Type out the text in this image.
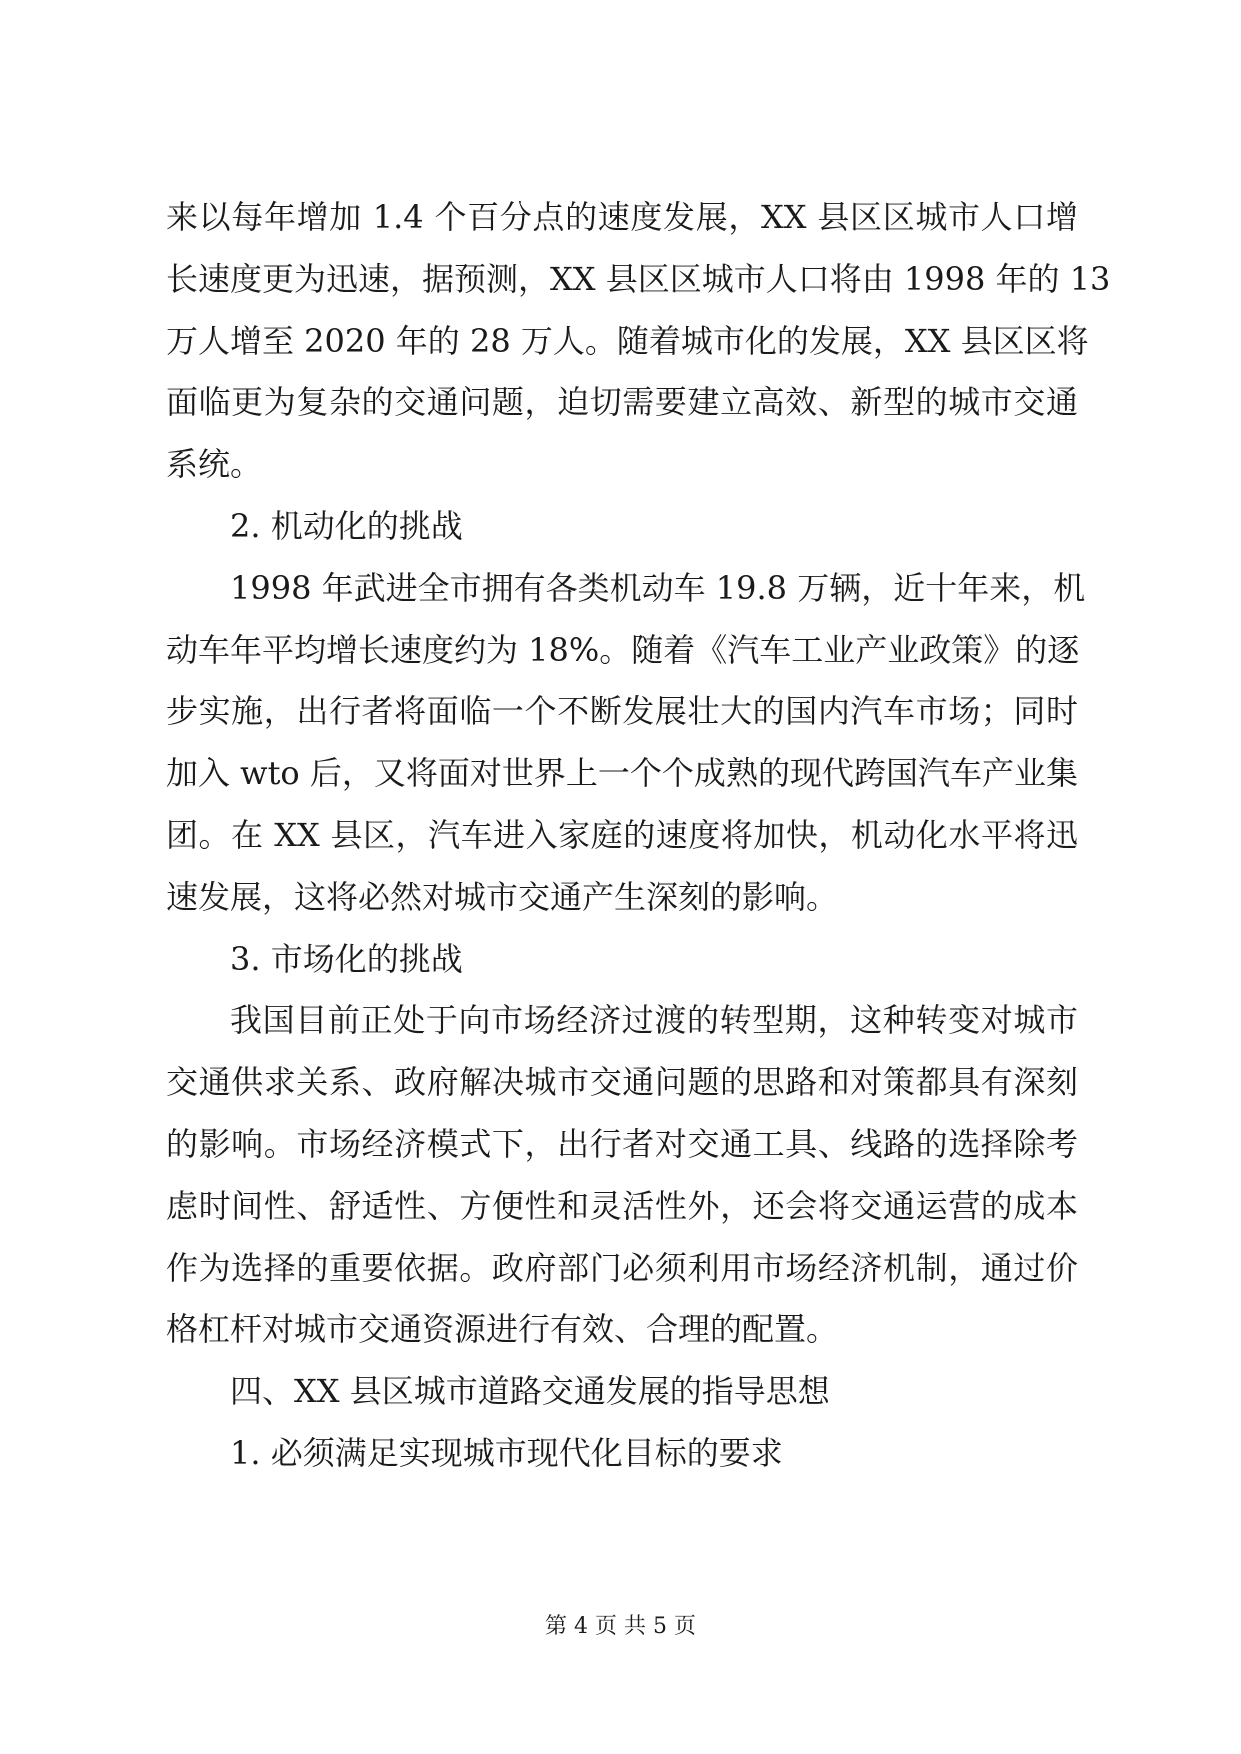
来以每年增加 1.4 个百分点的速度发展，XX 县区区城市人口增
长速度更为迅速，据预测，XX 县区区城市人口将由 1998 年的 13
万人增至 2020 年的 28 万人。随着城市化的发展，XX 县区区将
面临更为复杂的交通问题，迫切需要建立高效、新型的城市交通
系统。
2. 机动化的挑战
1998 年武进全市拥有各类机动车 19.8 万辆，近十年来，机
动车年平均增长速度约为 18%。随着《汽车工业产业政策》的逐
步实施，出行者将面临一个不断发展壮大的国内汽车市场；同时
加入 wto 后，又将面对世界上一个个成熟的现代跨国汽车产业集
团。在 XX 县区，汽车进入家庭的速度将加快，机动化水平将迅
速发展，这将必然对城市交通产生深刻的影响。
3. 市场化的挑战
我国目前正处于向市场经济过渡的转型期，这种转变对城市
交通供求关系、政府解决城市交通问题的思路和对策都具有深刻
的影响。市场经济模式下，出行者对交通工具、线路的选择除考
虑时间性、舒适性、方便性和灵活性外，还会将交通运营的成本
作为选择的重要依据。政府部门必须利用市场经济机制，通过价
格杠杆对城市交通资源进行有效、合理的配置。
四、XX 县区城市道路交通发展的指导思想
1. 必须满足实现城市现代化目标的要求
第 4 页 共 5 页
